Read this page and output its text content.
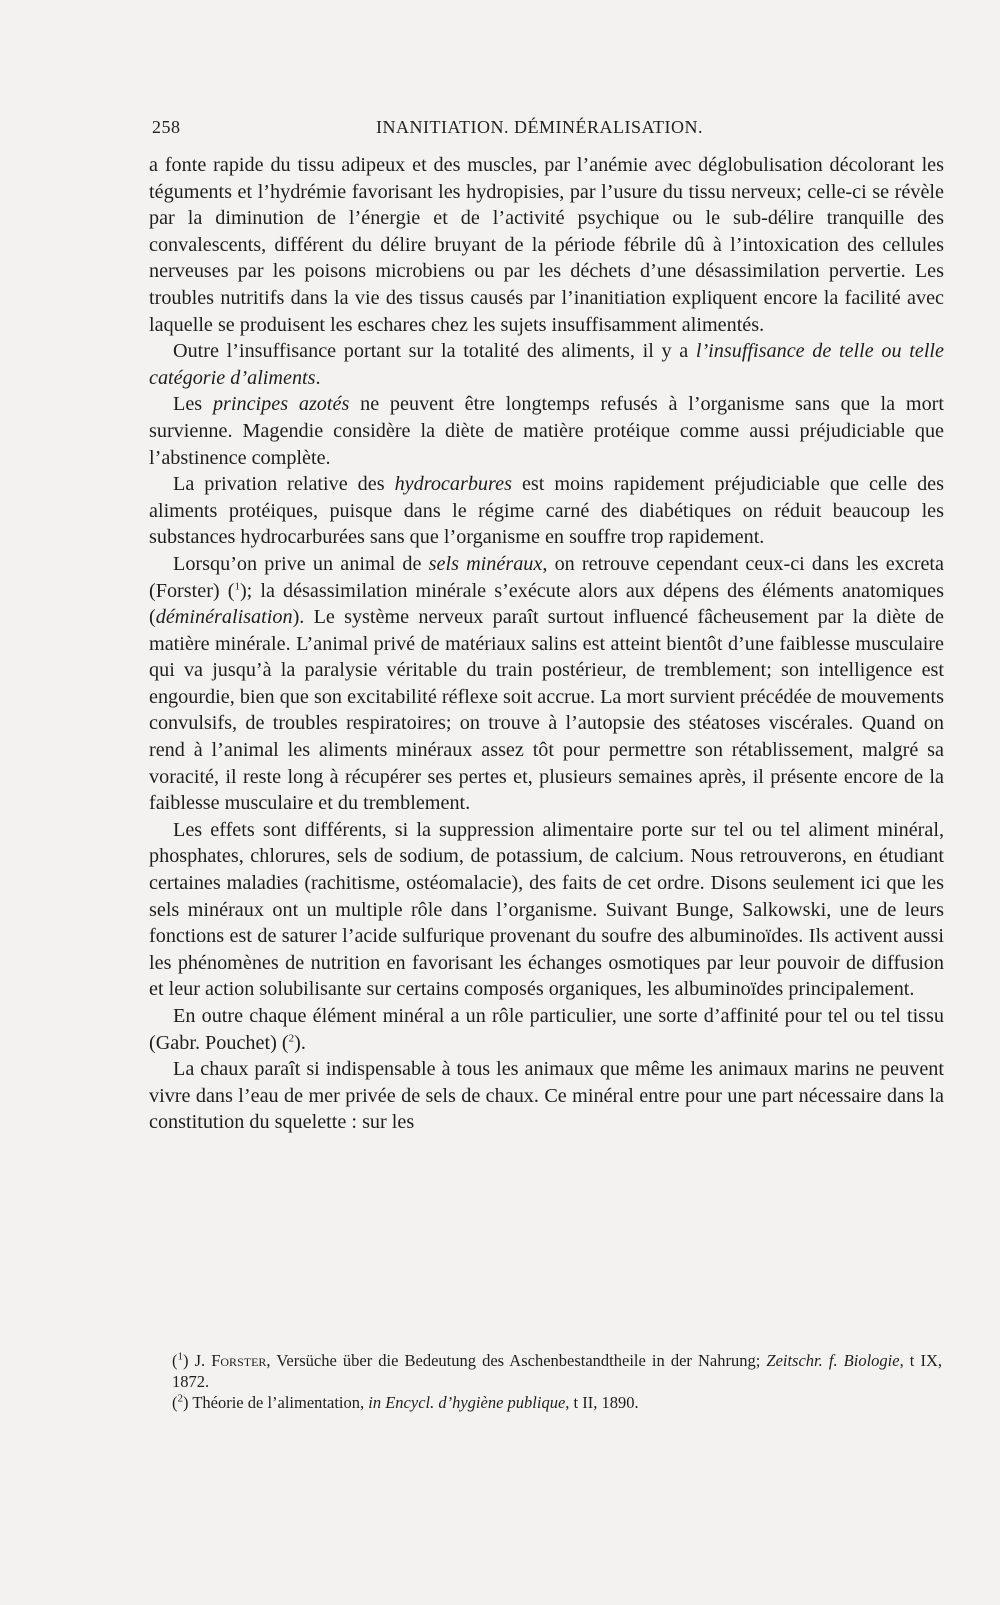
258	INANITIATION. DÉMINÉRALISATION.

a fonte rapide du tissu adipeux et des muscles, par l’anémie avec déglobulisation décolorant les téguments et l’hydrémie favorisant les hydropisies, par l’usure du tissu nerveux; celle-ci se révèle par la diminution de l’énergie et de l’activité psychique ou le sub-délire tranquille des convalescents, différent du délire bruyant de la période fébrile dû à l’intoxication des cellules nerveuses par les poisons microbiens ou par les déchets d’une désassimilation pervertie. Les troubles nutritifs dans la vie des tissus causés par l’inanitiation expliquent encore la facilité avec laquelle se produisent les eschares chez les sujets insuffisamment alimentés.

Outre l’insuffisance portant sur la totalité des aliments, il y a l’insuffisance de telle ou telle catégorie d’aliments.

Les principes azotés ne peuvent être longtemps refusés à l’organisme sans que la mort survienne. Magendie considère la diète de matière protéique comme aussi préjudiciable que l’abstinence complète.

La privation relative des hydrocarbures est moins rapidement préjudiciable que celle des aliments protéiques, puisque dans le régime carné des diabétiques on réduit beaucoup les substances hydrocarburées sans que l’organisme en souffre trop rapidement.

Lorsqu’on prive un animal de sels minéraux, on retrouve cependant ceux-ci dans les excreta (Forster) ($^1$); la désassimilation minérale s’exécute alors aux dépens des éléments anatomiques (déminéralisation). Le système nerveux paraît surtout influencé fâcheusement par la diète de matière minérale. L’animal privé de matériaux salins est atteint bientôt d’une faiblesse musculaire qui va jusqu’à la paralysie véritable du train postérieur, de tremblement; son intelligence est engourdie, bien que son excitabilité réflexe soit accrue. La mort survient précédée de mouvements convulsifs, de troubles respiratoires; on trouve à l’autopsie des stéatoses viscérales. Quand on rend à l’animal les aliments minéraux assez tôt pour permettre son rétablissement, malgré sa voracité, il reste long à récupérer ses pertes et, plusieurs semaines après, il présente encore de la faiblesse musculaire et du tremblement.

Les effets sont différents, si la suppression alimentaire porte sur tel ou tel aliment minéral, phosphates, chlorures, sels de sodium, de potassium, de calcium. Nous retrouverons, en étudiant certaines maladies (rachitisme, ostéomalacie), des faits de cet ordre. Disons seulement ici que les sels minéraux ont un multiple rôle dans l’organisme. Suivant Bunge, Salkowski, une de leurs fonctions est de saturer l’acide sulfurique provenant du soufre des albuminoïdes. Ils activent aussi les phénomènes de nutrition en favorisant les échanges osmotiques par leur pouvoir de diffusion et leur action solubilisante sur certains composés organiques, les albuminoïdes principalement.

En outre chaque élément minéral a un rôle particulier, une sorte d’affinité pour tel ou tel tissu (Gabr. Pouchet) ($^2$).

La chaux paraît si indispensable à tous les animaux que même les animaux marins ne peuvent vivre dans l’eau de mer privée de sels de chaux. Ce minéral entre pour une part nécessaire dans la constitution du squelette : sur les

($^1$) J. Forster, Versüche über die Bedeutung des Aschenbestandtheile in der Nahrung; Zeitschr. f. Biologie, t IX, 1872.

($^2$) Théorie de l’alimentation, in Encycl. d’hygiène publique, t II, 1890.
